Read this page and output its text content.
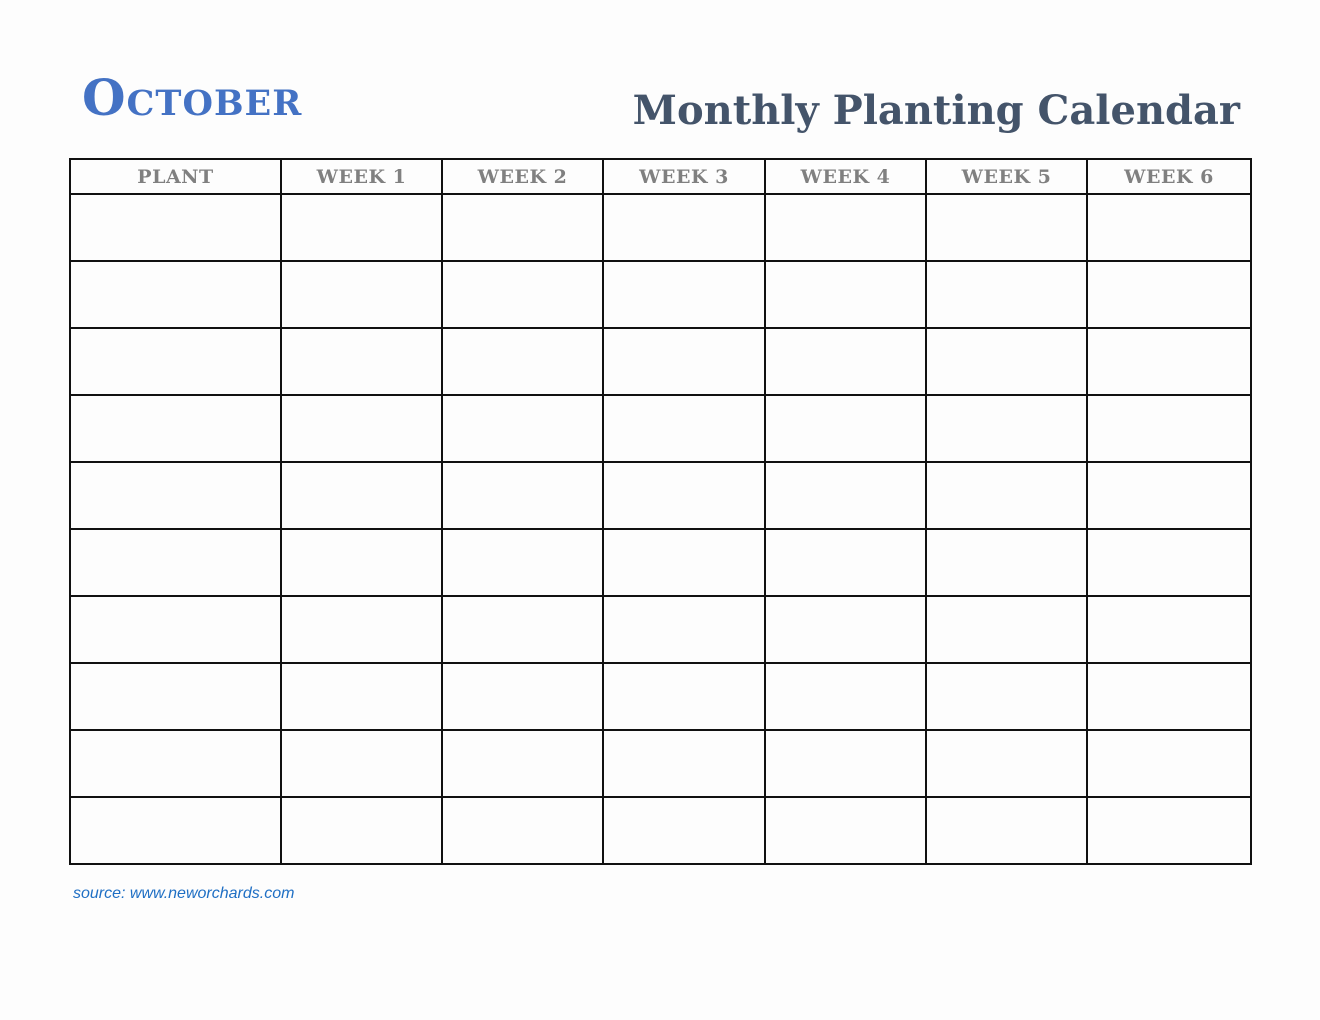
October	Monthly Planting Calendar
PLANT	WEEK 1	WEEK 2	WEEK 3	WEEK 4	WEEK 5	WEEK 6

source: www.neworchards.com
